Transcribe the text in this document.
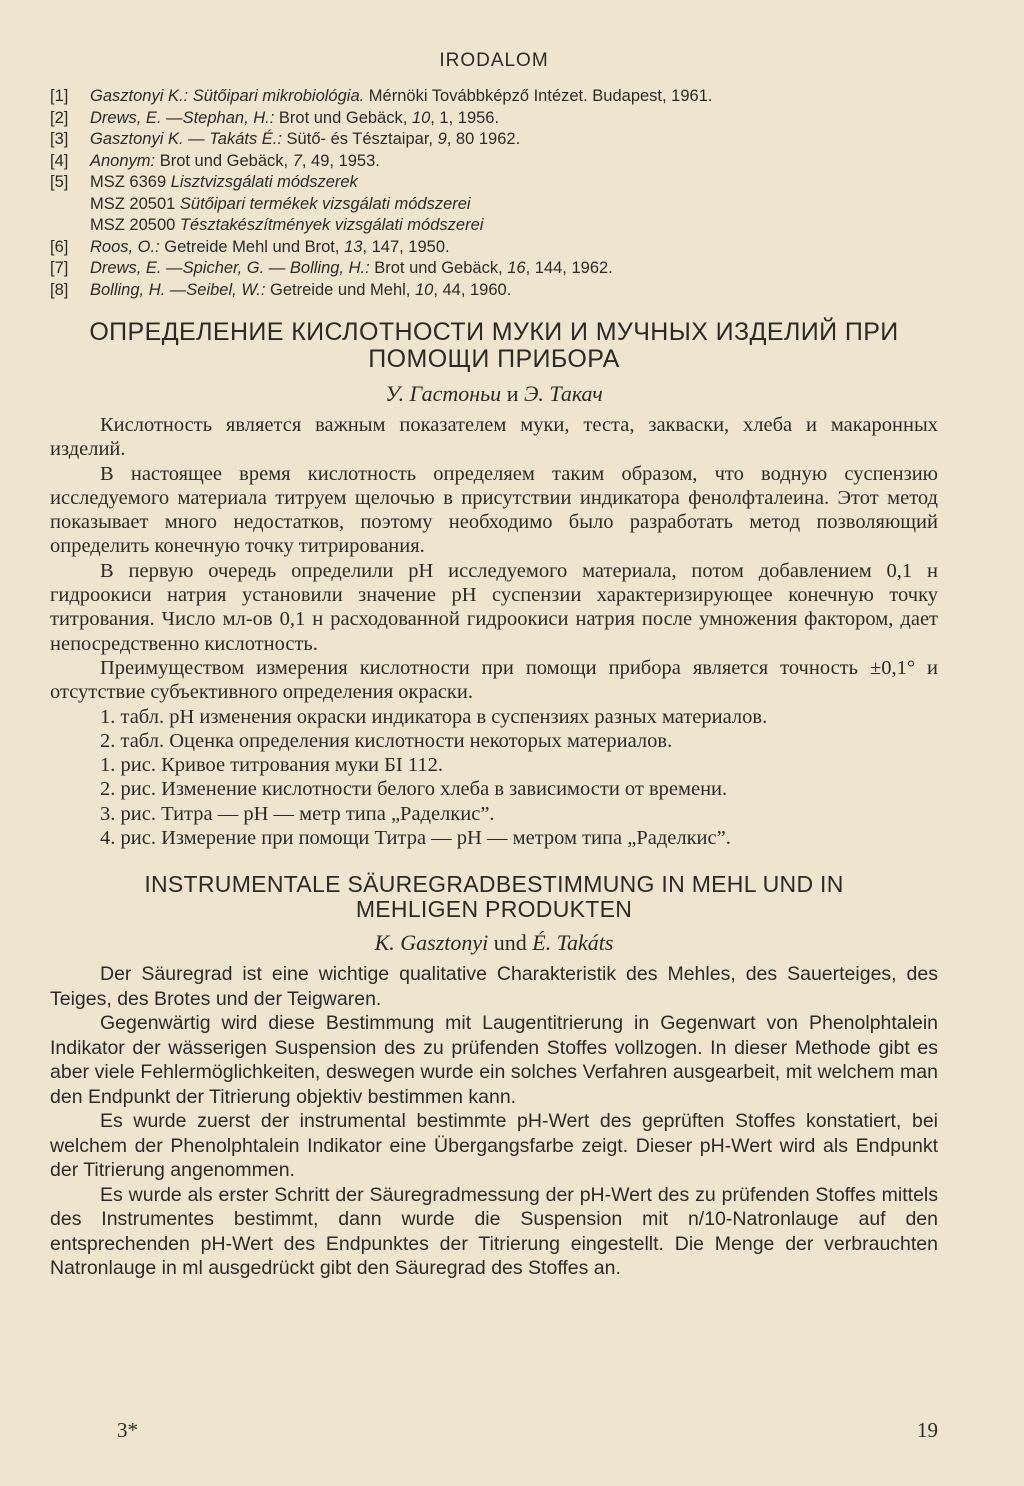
IRODALOM
[1]	Gasztonyi K.: Sütőipari mikrobiológia. Mérnöki Továbbképző Intézet. Budapest, 1961.
[2]	Drews, E. —Stephan, H.: Brot und Gebäck, 10, 1, 1956.
[3]	Gasztonyi K. — Takáts É.: Sütő- és Tésztaipar, 9, 80 1962.
[4]	Anonym: Brot und Gebäck, 7, 49, 1953.
[5]	MSZ 6369 Lisztvizsgálati módszerek
MSZ 20501 Sütőipari termékek vizsgálati módszerei
MSZ 20500 Tésztakészítmények vizsgálati módszerei
[6]	Roos, O.: Getreide Mehl und Brot, 13, 147, 1950.
[7]	Drews, E. —Spicher, G. — Bolling, H.: Brot und Gebäck, 16, 144, 1962.
[8]	Bolling, H. —Seibel, W.: Getreide und Mehl, 10, 44, 1960.
ОПРЕДЕЛЕНИЕ КИСЛОТНОСТИ МУКИ И МУЧНЫХ ИЗДЕЛИЙ ПРИ
ПОМОЩИ ПРИБОРА
У. Гастоньи и Э. Такач

Кислотность является важным показателем муки, теста, закваски, хлеба и макаронных изделий.

В настоящее время кислотность определяем таким образом, что водную суспензию исследуемого материала титруем щелочью в присутствии индикатора фенолфталеина. Этот метод показывает много недостатков, поэтому необходимо было разработать метод позволяющий определить конечную точку титрирования.

В первую очередь определили pH исследуемого материала, потом добавлением 0,1 н гидроокиси натрия установили значение pH суспензии характеризирующее конечную точку титрования. Число мл-ов 0,1 н расходованной гидроокиси натрия после умножения фактором, дает непосредственно кислотность.

Преимуществом измерения кислотности при помощи прибора является точность ±0,1° и отсутствие субъективного определения окраски.

1. табл. pH изменения окраски индикатора в суспензиях разных материалов.

2. табл. Оценка определения кислотности некоторых материалов.

1. рис. Кривое титрования муки БI 112.

2. рис. Изменение кислотности белого хлеба в зависимости от времени.

3. рис. Титра — pH — метр типа „Раделкис”.

4. рис. Измерение при помощи Титра — pH — метром типа „Раделкис”.

INSTRUMENTALE SÄUREGRADBESTIMMUNG IN MEHL UND IN
MEHLIGEN PRODUKTEN
K. Gasztonyi und É. Takáts

Der Säuregrad ist eine wichtige qualitative Charakteristik des Mehles, des Sauerteiges, des Teiges, des Brotes und der Teigwaren.

Gegenwärtig wird diese Bestimmung mit Laugentitrierung in Gegenwart von Phenolphtalein Indikator der wässerigen Suspension des zu prüfenden Stoffes vollzogen. In dieser Methode gibt es aber viele Fehlermöglichkeiten, deswegen wurde ein solches Verfahren ausgearbeit, mit welchem man den Endpunkt der Titrierung objektiv bestimmen kann.

Es wurde zuerst der instrumental bestimmte pH-Wert des geprüften Stoffes konstatiert, bei welchem der Phenolphtalein Indikator eine Übergangsfarbe zeigt. Dieser pH-Wert wird als Endpunkt der Titrierung angenommen.

Es wurde als erster Schritt der Säuregradmessung der pH-Wert des zu prüfenden Stoffes mittels des Instrumentes bestimmt, dann wurde die Suspension mit n/10-Natronlauge auf den entsprechenden pH-Wert des Endpunktes der Titrierung eingestellt. Die Menge der verbrauchten Natronlauge in ml ausgedrückt gibt den Säuregrad des Stoffes an.

3*	19
